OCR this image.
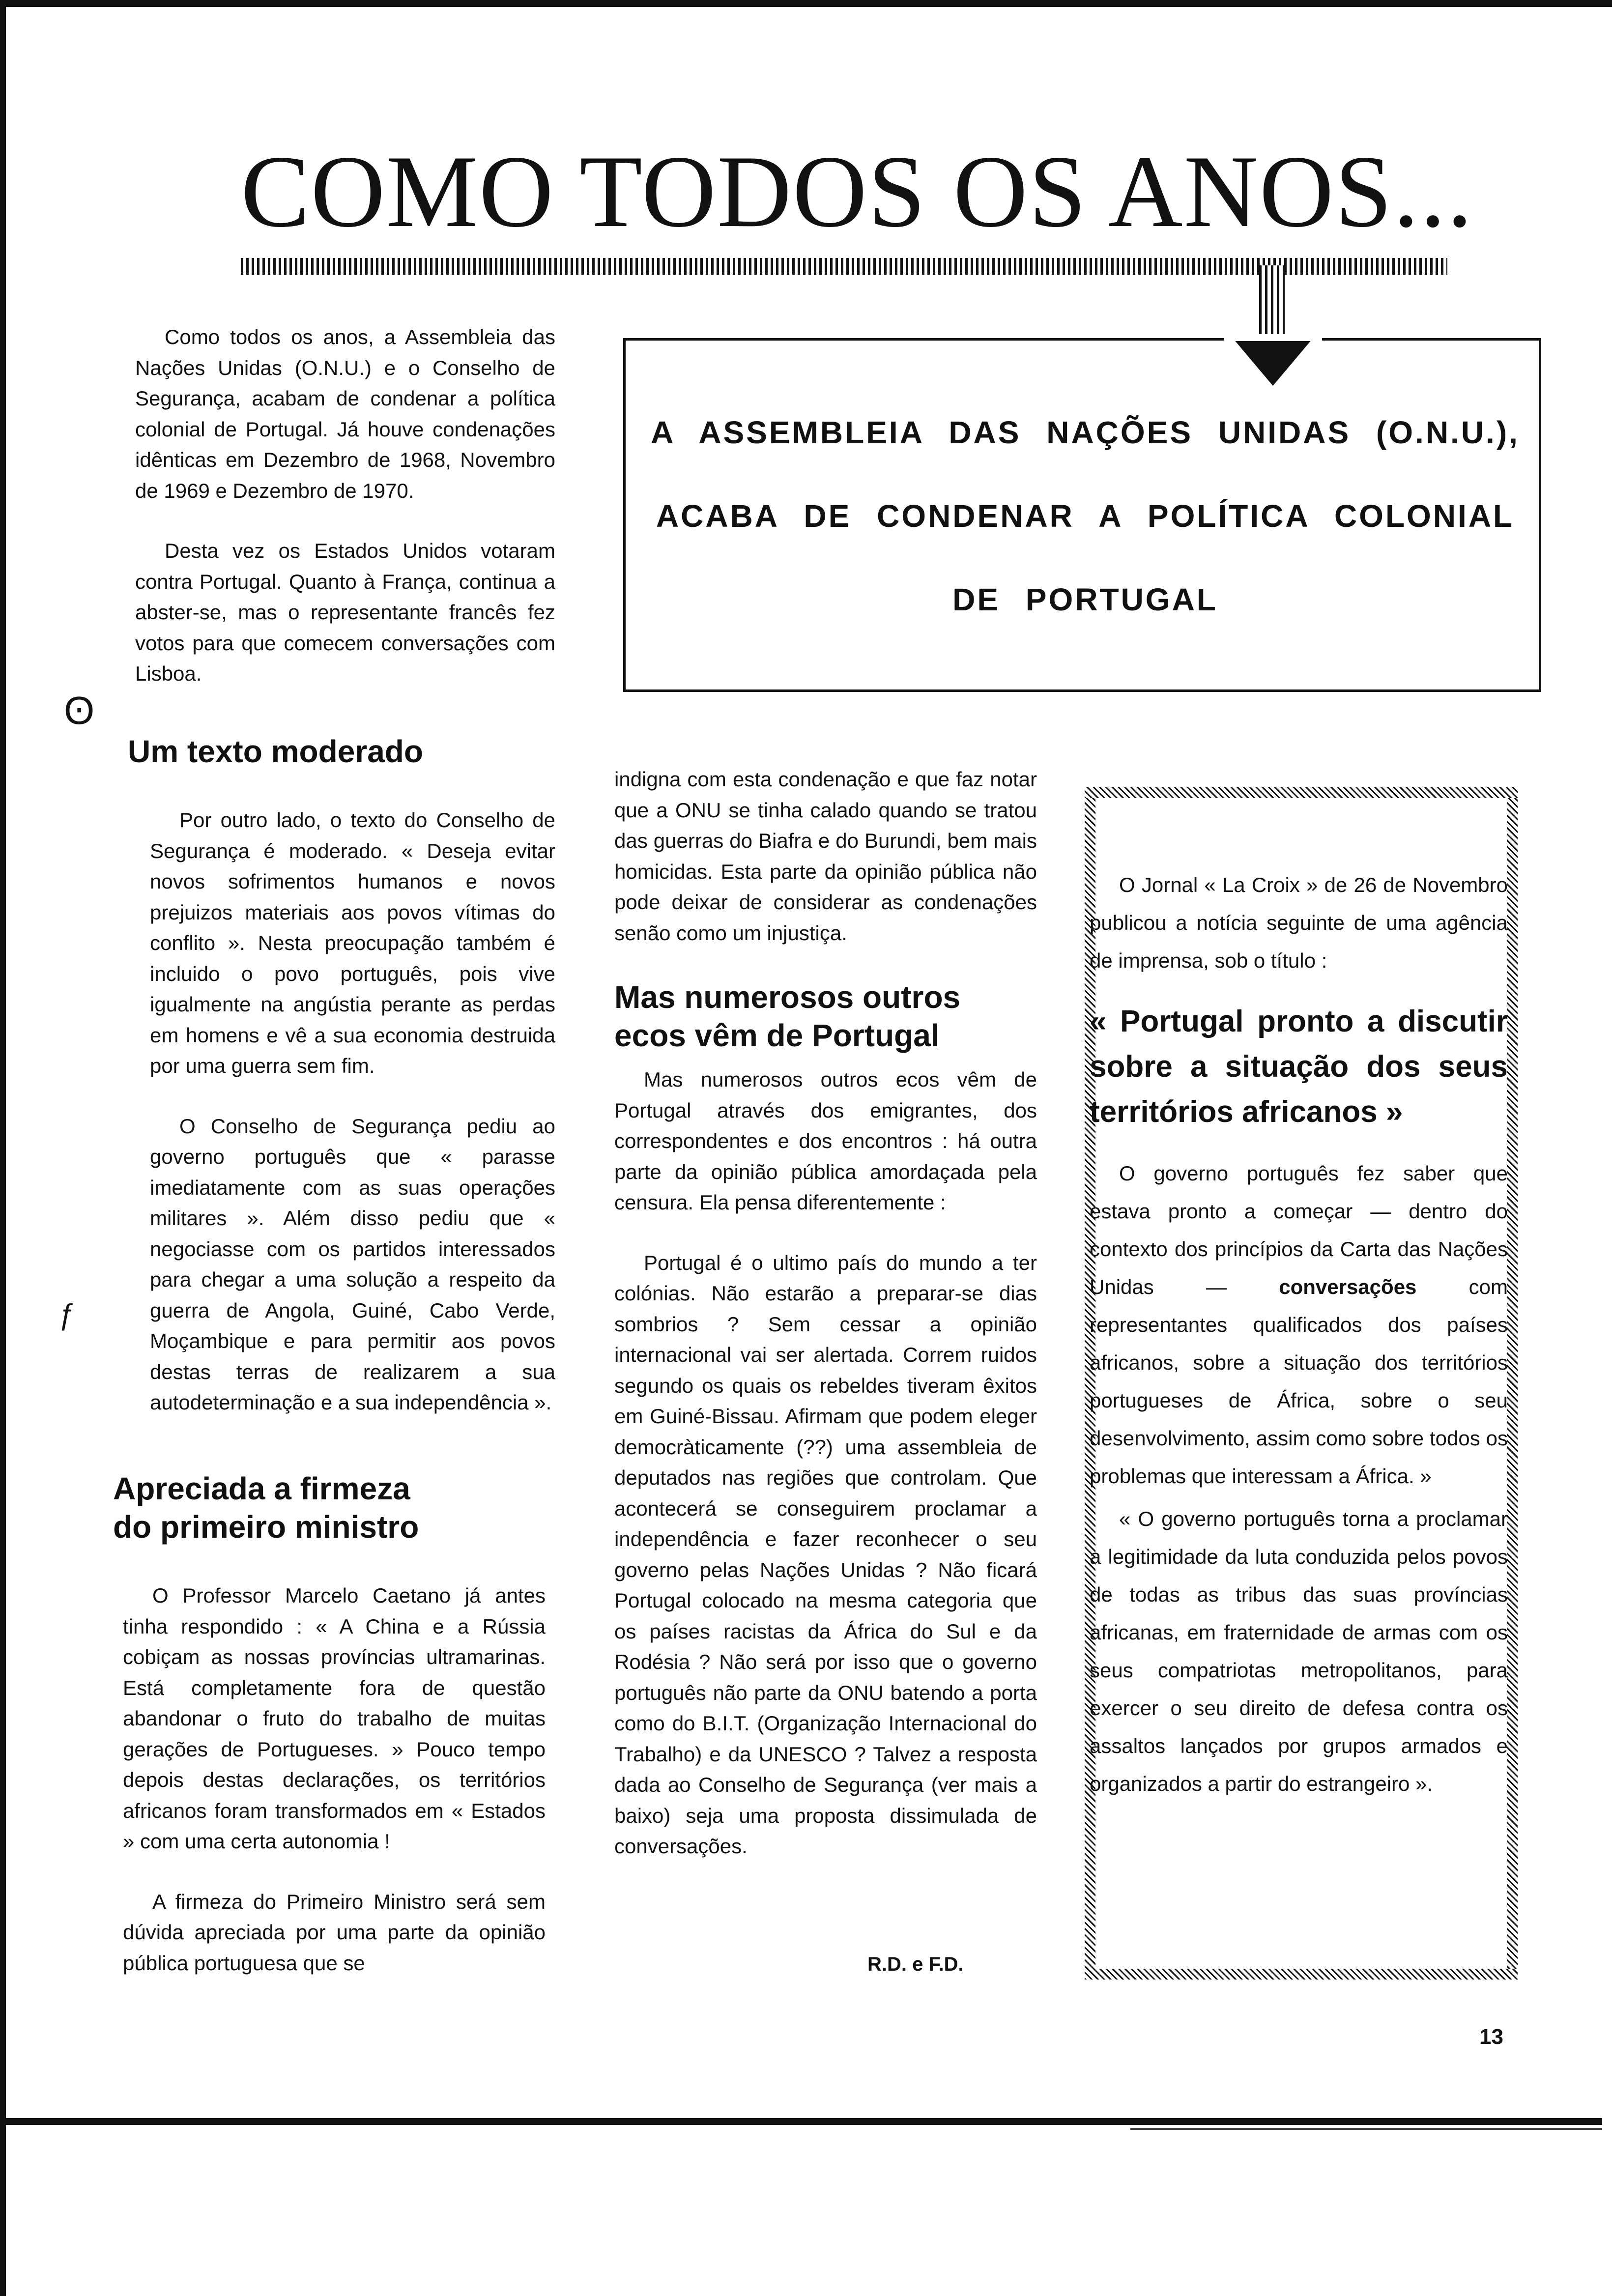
COMO TODOS OS ANOS...

Como todos os anos, a Assembleia das Nações Unidas (O.N.U.) e o Conselho de Segurança, acabam de condenar a política colonial de Portugal. Já houve condenações idênticas em Dezembro de 1968, Novembro de 1969 e Dezembro de 1970.

Desta vez os Estados Unidos votaram contra Portugal. Quanto à França, continua a abster-se, mas o representante francês fez votos para que comecem conversações com Lisboa.

A ASSEMBLEIA DAS NAÇÕES UNIDAS (O.N.U.),
ACABA DE CONDENAR A POLÍTICA COLONIAL
DE PORTUGAL
ʘ
ƒ
Um texto moderado

Por outro lado, o texto do Conselho de Segurança é moderado. « Deseja evitar novos sofrimentos humanos e novos prejuizos materiais aos povos vítimas do conflito ». Nesta preocupação também é incluido o povo português, pois vive igualmente na angústia perante as perdas em homens e vê a sua economia destruida por uma guerra sem fim.

O Conselho de Segurança pediu ao governo português que « parasse imediatamente com as suas operações militares ». Além disso pediu que « negociasse com os partidos interessados para chegar a uma solução a respeito da guerra de Angola, Guiné, Cabo Verde, Moçambique e para permitir aos povos destas terras de realizarem a sua autodeterminação e a sua independência ».

Apreciada a firmeza
do primeiro ministro

O Professor Marcelo Caetano já antes tinha respondido : « A China e a Rússia cobiçam as nossas províncias ultramarinas. Está completamente fora de questão abandonar o fruto do trabalho de muitas gerações de Portugueses. » Pouco tempo depois destas declarações, os territórios africanos foram transformados em « Estados » com uma certa autonomia !

A firmeza do Primeiro Ministro será sem dúvida apreciada por uma parte da opinião pública portuguesa que se

indigna com esta condenação e que faz notar que a ONU se tinha calado quando se tratou das guerras do Biafra e do Burundi, bem mais homicidas. Esta parte da opinião pública não pode deixar de considerar as condenações senão como um injustiça.

Mas numerosos outros
ecos vêm de Portugal

Mas numerosos outros ecos vêm de Portugal através dos emigrantes, dos correspondentes e dos encontros : há outra parte da opinião pública amordaçada pela censura. Ela pensa diferentemente :

Portugal é o ultimo país do mundo a ter colónias. Não estarão a preparar-se dias sombrios ? Sem cessar a opinião internacional vai ser alertada. Correm ruidos segundo os quais os rebeldes tiveram êxitos em Guiné-Bissau. Afirmam que podem eleger democràticamente (??) uma assembleia de deputados nas regiões que controlam. Que acontecerá se conseguirem proclamar a independência e fazer reconhecer o seu governo pelas Nações Unidas ? Não ficará Portugal colocado na mesma categoria que os países racistas da África do Sul e da Rodésia ? Não será por isso que o governo português não parte da ONU batendo a porta como do B.I.T. (Organização Internacional do Trabalho) e da UNESCO ? Talvez a resposta dada ao Conselho de Segurança (ver mais a baixo) seja uma proposta dissimulada de conversações.

R.D. e F.D.

O Jornal « La Croix » de 26 de Novembro publicou a notícia seguinte de uma agência de imprensa, sob o título :

« Portugal pronto a discutir sobre a situação dos seus territórios africanos »

O governo português fez saber que estava pronto a começar — dentro do contexto dos princípios da Carta das Nações Unidas —	conversações	com representantes qualificados dos países africanos, sobre a situação dos territórios portugueses de África, sobre o seu desenvolvimento, assim como sobre todos os problemas que interessam a África. »

« O governo português torna a proclamar a legitimidade da luta conduzida pelos povos de todas as tribus das suas províncias africanas, em fraternidade de armas com os seus compatriotas metropolitanos, para exercer o seu direito de defesa contra os assaltos lançados por grupos armados e organizados a partir do estrangeiro ».

13
